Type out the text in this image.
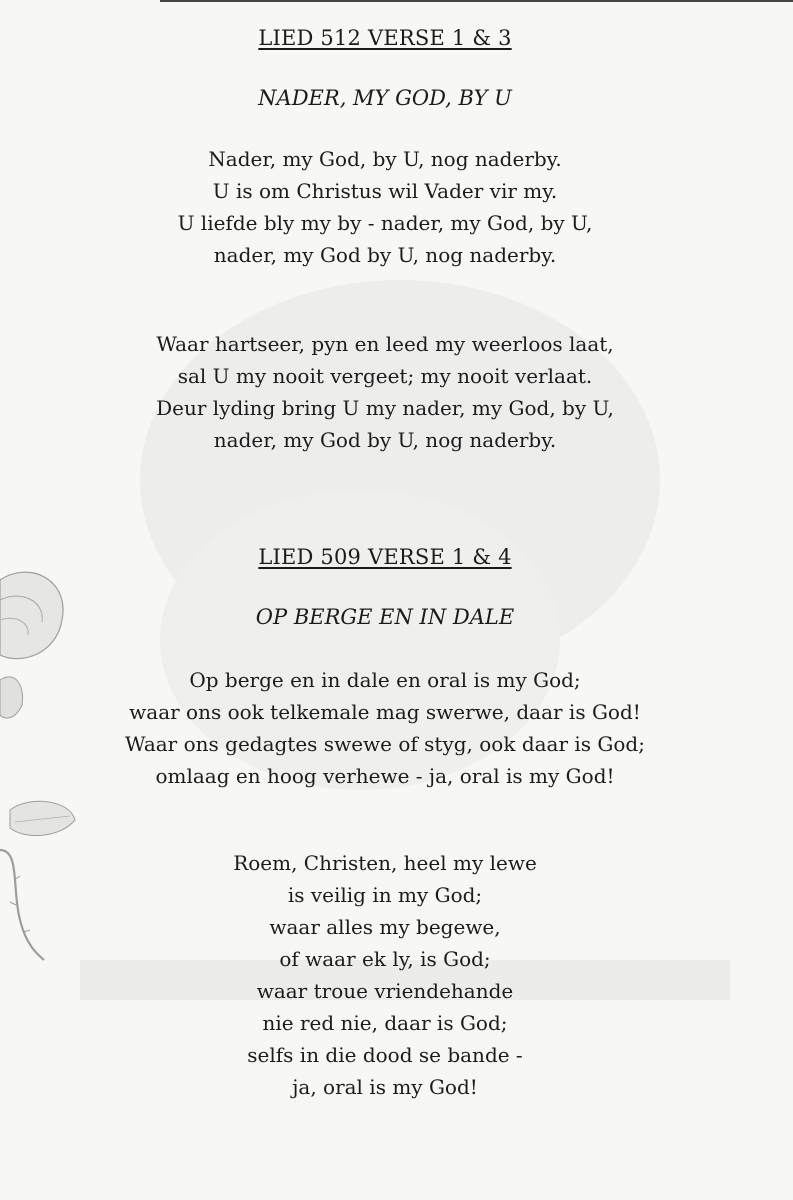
LIED 512 VERSE 1 & 3
NADER, MY GOD, BY U
Nader, my God, by U, nog naderby.
U is om Christus wil Vader vir my.
U liefde bly my by - nader, my God, by U,
nader, my God by U, nog naderby.
Waar hartseer, pyn en leed my weerloos laat,
sal U my nooit vergeet; my nooit verlaat.
Deur lyding bring U my nader, my God, by U,
nader, my God by U, nog naderby.
LIED 509 VERSE 1 & 4
OP BERGE EN IN DALE
Op berge en in dale en oral is my God;
waar ons ook telkemale mag swerwe, daar is God!
Waar ons gedagtes swewe of styg, ook daar is God;
omlaag en hoog verhewe - ja, oral is my God!
Roem, Christen, heel my lewe
is veilig in my God;
waar alles my begewe,
of waar ek ly, is God;
waar troue vriendehande
nie red nie, daar is God;
selfs in die dood se bande -
ja, oral is my God!
